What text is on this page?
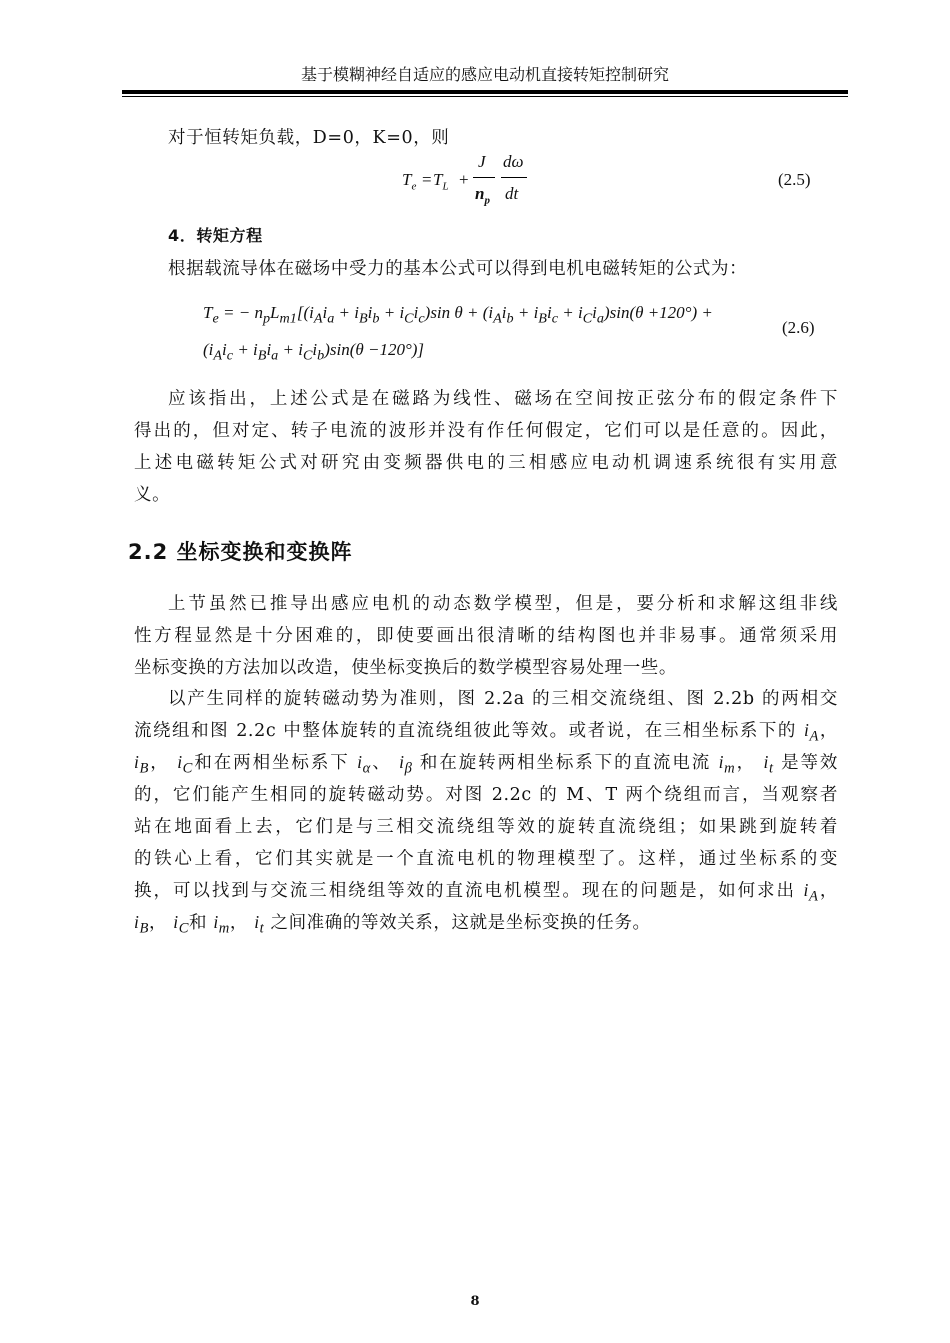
基于模糊神经自适应的感应电动机直接转矩控制研究
对于恒转矩负载，D=0，K=0，则
$T_e = T_L$ +
J
$n_p$
dω
dt
(2.5)
4．转矩方程
根据载流导体在磁场中受力的基本公式可以得到电机电磁转矩的公式为：
$T_e$ = − $n_pL_{m1}[(i_Ai_a + i_Bi_b + i_Ci_c)\sin$ $\theta + (i_Ai_b + i_Bi_c + i_Ci_a)\sin(\theta +120^\circ)$ +
$(i_Ai_c + i_Bi_a + i_Ci_b)\sin(\theta -120^\circ)$]
(2.6)
应该指出，上述公式是在磁路为线性、磁场在空间按正弦分布的假定条件下
得出的，但对定、转子电流的波形并没有作任何假定，它们可以是任意的。因此，
上述电磁转矩公式对研究由变频器供电的三相感应电动机调速系统很有实用意
义。
2.2 坐标变换和变换阵
上节虽然已推导出感应电机的动态数学模型，但是，要分析和求解这组非线
性方程显然是十分困难的，即使要画出很清晰的结构图也并非易事。通常须采用
坐标变换的方法加以改造，使坐标变换后的数学模型容易处理一些。
以产生同样的旋转磁动势为准则，图 2.2a 的三相交流绕组、图 2.2b 的两相交
流绕组和图 2.2c 中整体旋转的直流绕组彼此等效。或者说，在三相坐标系下的 $i_A$，
$i_B$， $i_C$和在两相坐标系下 $i_\alpha$、 $i_\beta$ 和在旋转两相坐标系下的直流电流 $i_m$， $i_t$ 是等效
的，它们能产生相同的旋转磁动势。对图 2.2c 的 M、T 两个绕组而言，当观察者
站在地面看上去，它们是与三相交流绕组等效的旋转直流绕组；如果跳到旋转着
的铁心上看，它们其实就是一个直流电机的物理模型了。这样，通过坐标系的变
换，可以找到与交流三相绕组等效的直流电机模型。现在的问题是，如何求出 $i_A$，
$i_B$， $i_C$和 $i_m$， $i_t$ 之间准确的等效关系，这就是坐标变换的任务。
8
